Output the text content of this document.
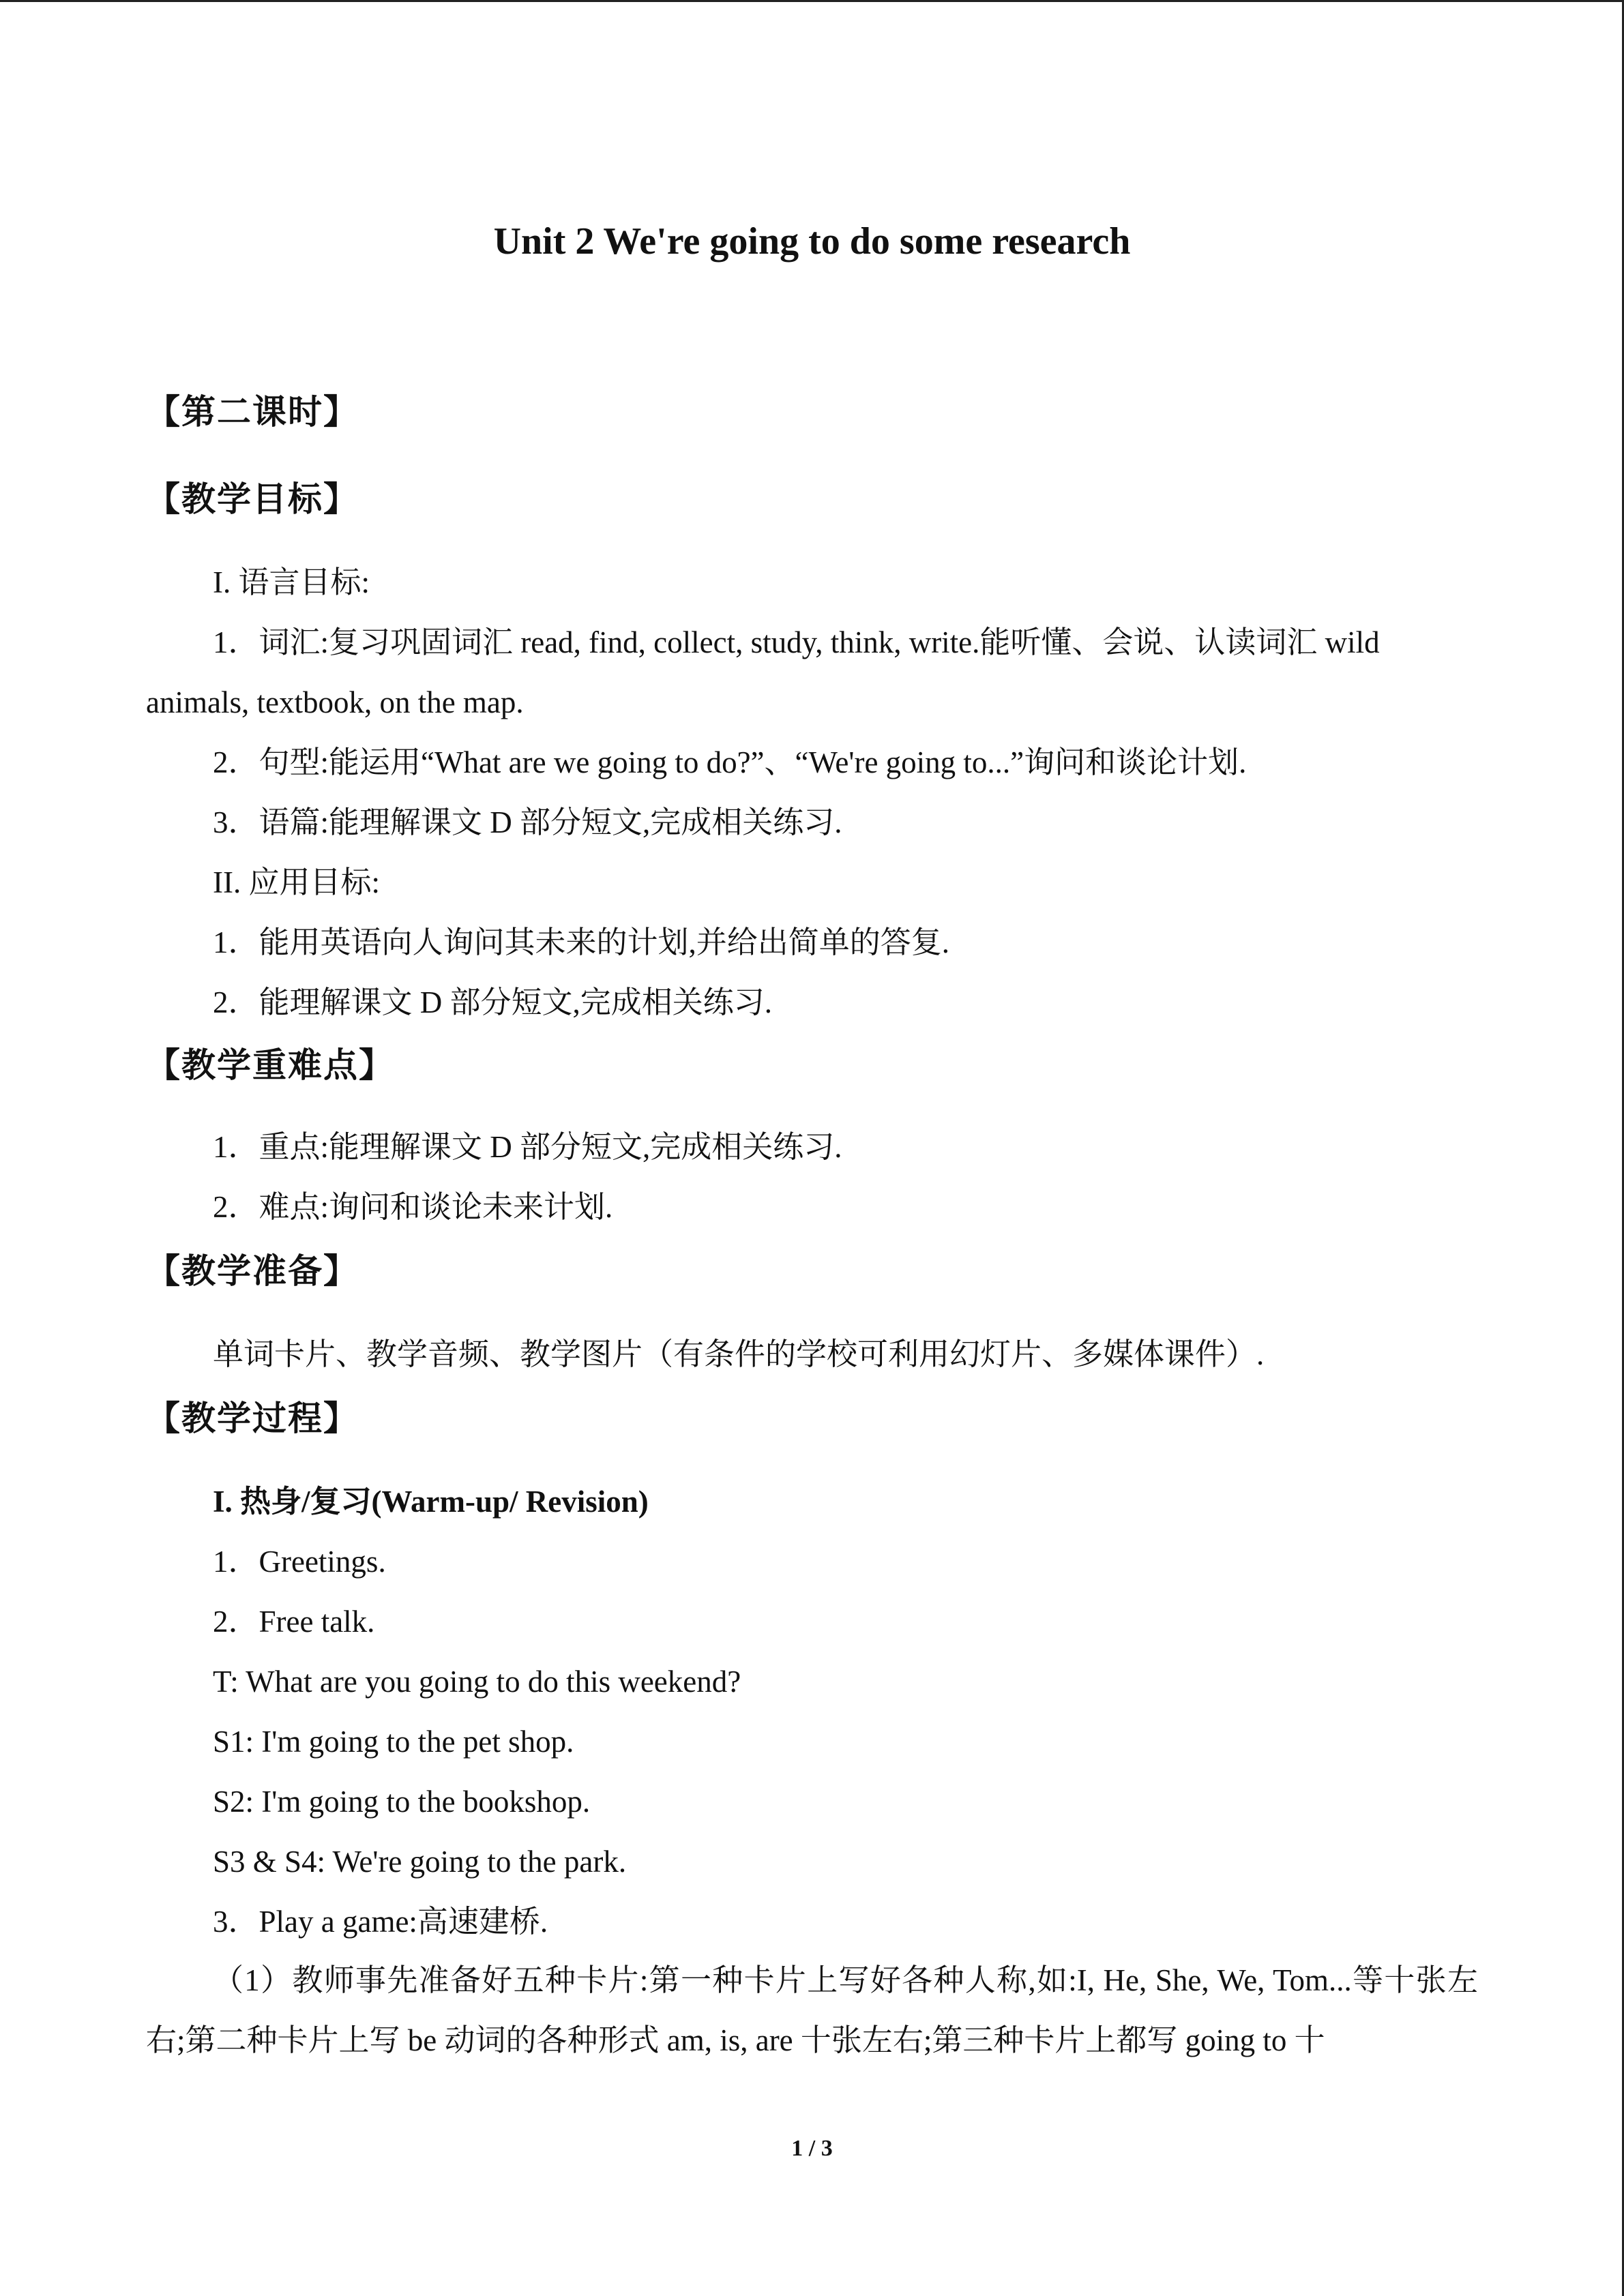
Unit 2 We're going to do some research
【第二课时】
【教学目标】
I. 语言目标:
1．词汇:复习巩固词汇 read, find, collect, study, think, write.能听懂、会说、认读词汇 wild
animals, textbook, on the map.
2．句型:能运用“What are we going to do?”、“We're going to...”询问和谈论计划.
3．语篇:能理解课文 D 部分短文,完成相关练习.
II. 应用目标:
1．能用英语向人询问其未来的计划,并给出简单的答复.
2．能理解课文 D 部分短文,完成相关练习.
【教学重难点】
1．重点:能理解课文 D 部分短文,完成相关练习.
2．难点:询问和谈论未来计划.
【教学准备】
单词卡片、教学音频、教学图片（有条件的学校可利用幻灯片、多媒体课件）.
【教学过程】
I. 热身/复习(Warm-up/ Revision)
1．Greetings.
2．Free talk.
T: What are you going to do this weekend?
S1: I'm going to the pet shop.
S2: I'm going to the bookshop.
S3 & S4: We're going to the park.
3．Play a game:高速建桥.
（1）教师事先准备好五种卡片:第一种卡片上写好各种人称,如:I, He, She, We, Tom...等十张左右;第二种卡片上写 be 动词的各种形式 am, is, are 十张左右;第三种卡片上都写 going to 十
1 / 3
